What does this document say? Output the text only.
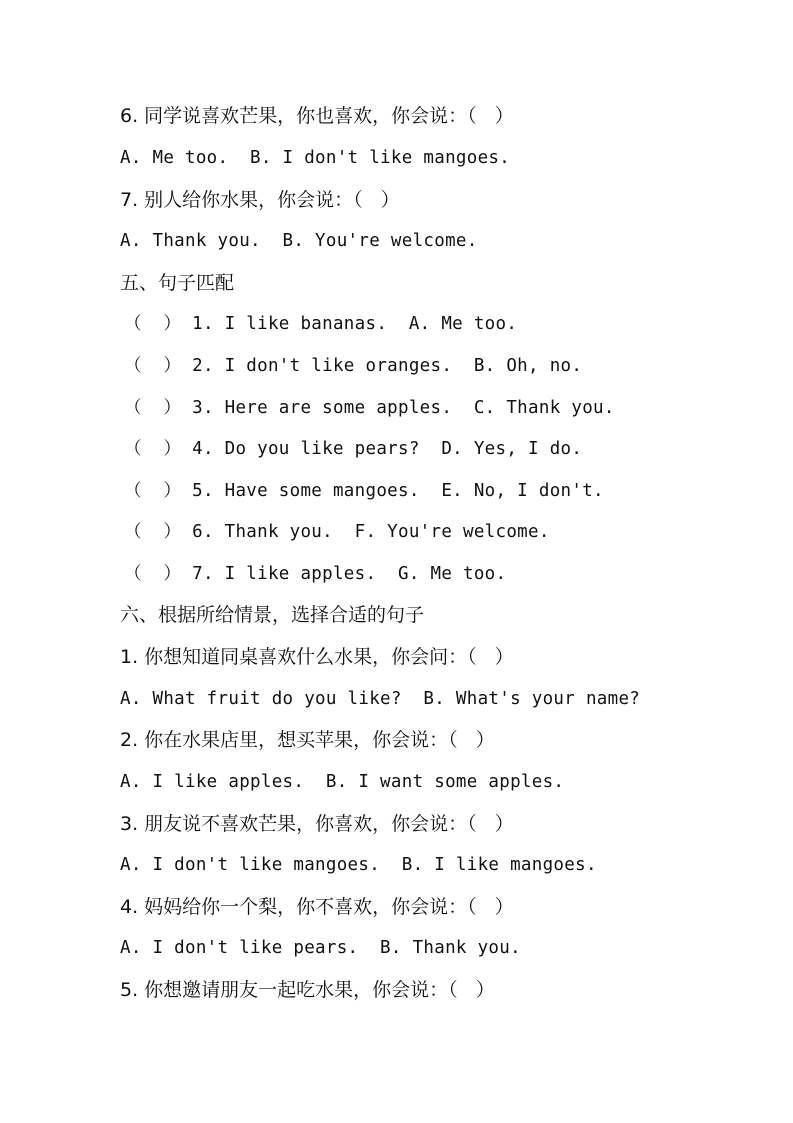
6. 同学说喜欢芒果，你也喜欢，你会说：（   ）
A. Me too.  B. I don't like mangoes.
7. 别人给你水果，你会说：（   ）
A. Thank you.  B. You're welcome.
五、句子匹配
（  ） 1. I like bananas.  A. Me too.
（  ） 2. I don't like oranges.  B. Oh, no.
（  ） 3. Here are some apples.  C. Thank you.
（  ） 4. Do you like pears?  D. Yes, I do.
（  ） 5. Have some mangoes.  E. No, I don't.
（  ） 6. Thank you.  F. You're welcome.
（  ） 7. I like apples.  G. Me too.
六、根据所给情景，选择合适的句子
1. 你想知道同桌喜欢什么水果，你会问：（   ）
A. What fruit do you like?  B. What's your name?
2. 你在水果店里，想买苹果，你会说：（   ）
A. I like apples.  B. I want some apples.
3. 朋友说不喜欢芒果，你喜欢，你会说：（   ）
A. I don't like mangoes.  B. I like mangoes.
4. 妈妈给你一个梨，你不喜欢，你会说：（   ）
A. I don't like pears.  B. Thank you.
5. 你想邀请朋友一起吃水果，你会说：（   ）
